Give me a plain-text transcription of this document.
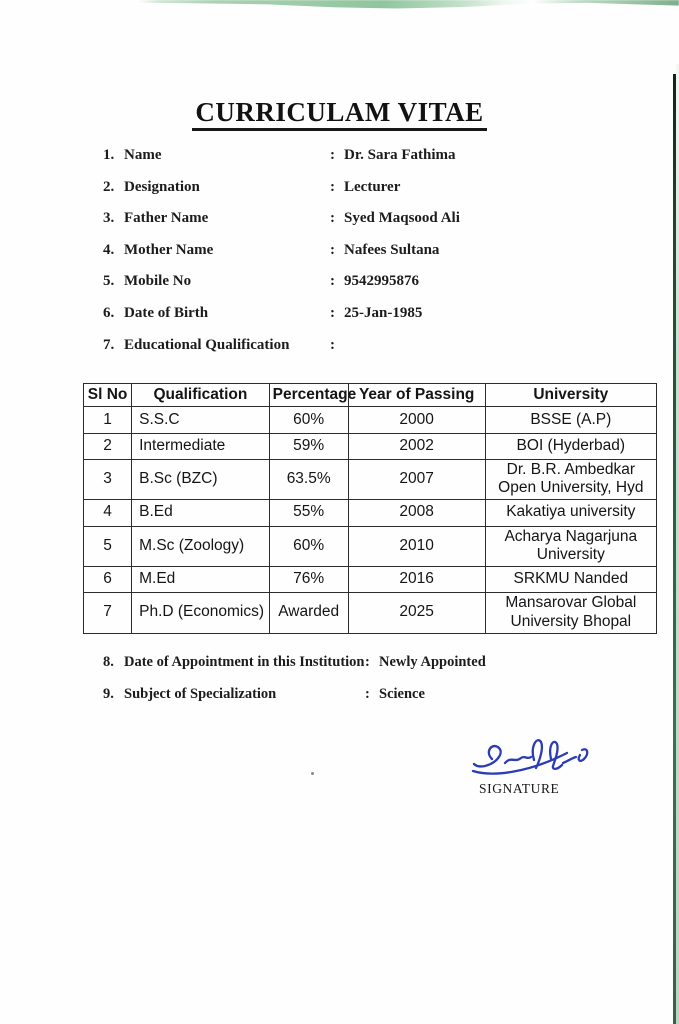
CURRICULAM VITAE
1. Name	: Dr. Sara Fathima
2. Designation	: Lecturer
3. Father Name	: Syed Maqsood Ali
4. Mother Name	: Nafees Sultana
5. Mobile No	: 9542995876
6. Date of Birth	: 25-Jan-1985
7. Educational Qualification	:
Sl No	Qualification	Percentage	Year of Passing	University
1	S.S.C	60%	2000	BSSE (A.P)
2	Intermediate	59%	2002	BOI (Hyderbad)
3	B.Sc (BZC)	63.5%	2007	Dr. B.R. Ambedkar Open University, Hyd
4	B.Ed	55%	2008	Kakatiya university
5	M.Sc (Zoology)	60%	2010	Acharya Nagarjuna University
6	M.Ed	76%	2016	SRKMU Nanded
7	Ph.D (Economics)	Awarded	2025	Mansarovar Global University Bhopal
8. Date of Appointment in this Institution : Newly Appointed
9. Subject of Specialization	: Science
SIGNATURE
